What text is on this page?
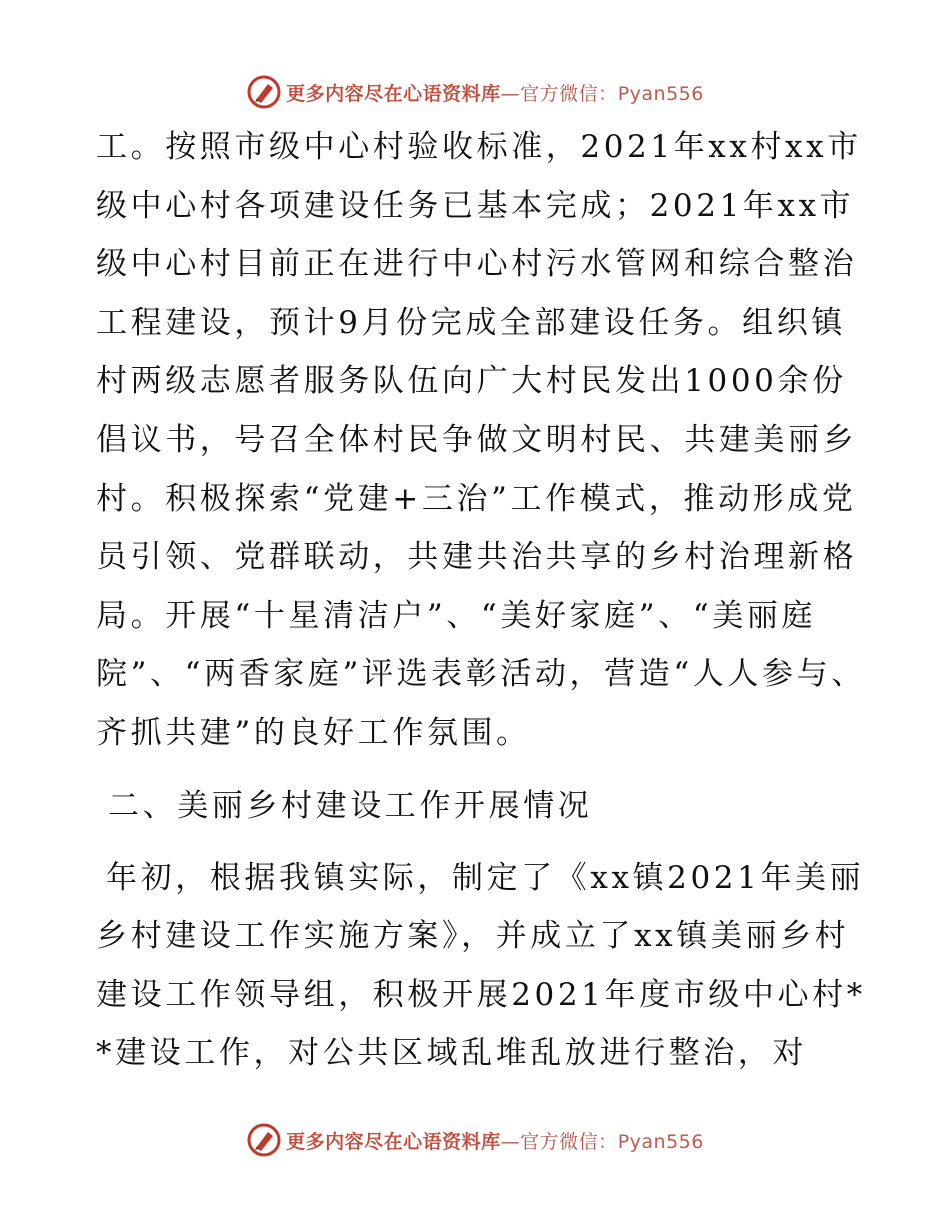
更多内容尽在心语资料库—官方微信：Pyan556

工。按照市级中心村验收标准，2021年xx村xx市级中心村各项建设任务已基本完成；2021年xx市级中心村目前正在进行中心村污水管网和综合整治工程建设，预计9月份完成全部建设任务。组织镇村两级志愿者服务队伍向广大村民发出1000余份倡议书，号召全体村民争做文明村民、共建美丽乡村。积极探索“党建+三治”工作模式，推动形成党员引领、党群联动，共建共治共享的乡村治理新格局。开展“十星清洁户”、“美好家庭”、“美丽庭院”、“两香家庭”评选表彰活动，营造“人人参与、齐抓共建”的良好工作氛围。

二、美丽乡村建设工作开展情况

年初，根据我镇实际，制定了《xx镇2021年美丽乡村建设工作实施方案》，并成立了xx镇美丽乡村建设工作领导组，积极开展2021年度市级中心村**建设工作，对公共区域乱堆乱放进行整治，对

更多内容尽在心语资料库—官方微信：Pyan556
